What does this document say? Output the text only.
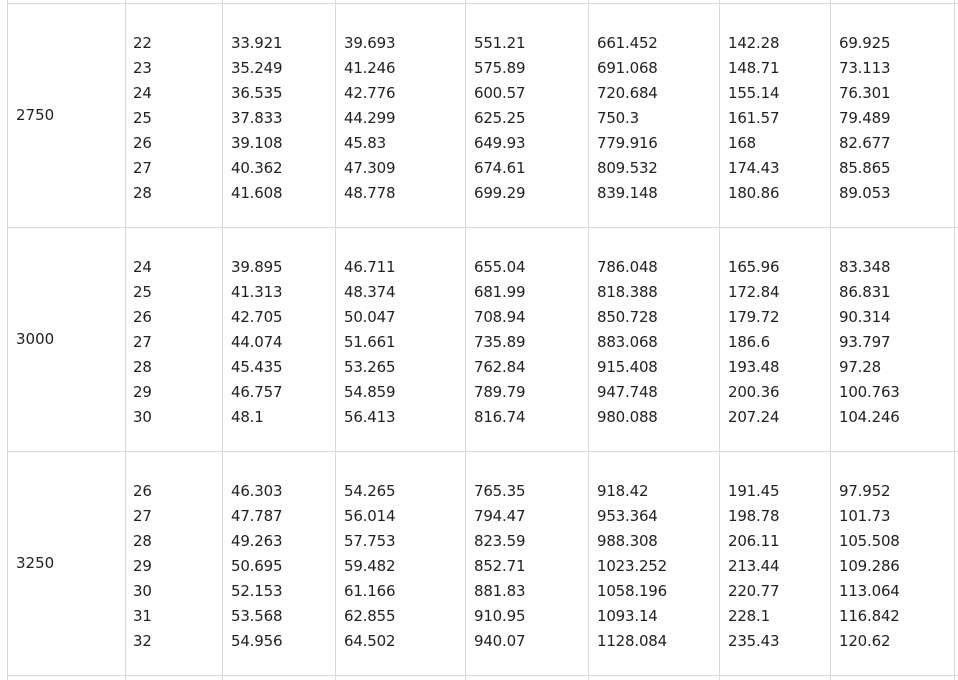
2750
22
23
24
25
26
27
28
33.921
35.249
36.535
37.833
39.108
40.362
41.608
39.693
41.246
42.776
44.299
45.83
47.309
48.778
551.21
575.89
600.57
625.25
649.93
674.61
699.29
661.452
691.068
720.684
750.3
779.916
809.532
839.148
142.28
148.71
155.14
161.57
168
174.43
180.86
69.925
73.113
76.301
79.489
82.677
85.865
89.053
3000
24
25
26
27
28
29
30
39.895
41.313
42.705
44.074
45.435
46.757
48.1
46.711
48.374
50.047
51.661
53.265
54.859
56.413
655.04
681.99
708.94
735.89
762.84
789.79
816.74
786.048
818.388
850.728
883.068
915.408
947.748
980.088
165.96
172.84
179.72
186.6
193.48
200.36
207.24
83.348
86.831
90.314
93.797
97.28
100.763
104.246
3250
26
27
28
29
30
31
32
46.303
47.787
49.263
50.695
52.153
53.568
54.956
54.265
56.014
57.753
59.482
61.166
62.855
64.502
765.35
794.47
823.59
852.71
881.83
910.95
940.07
918.42
953.364
988.308
1023.252
1058.196
1093.14
1128.084
191.45
198.78
206.11
213.44
220.77
228.1
235.43
97.952
101.73
105.508
109.286
113.064
116.842
120.62
